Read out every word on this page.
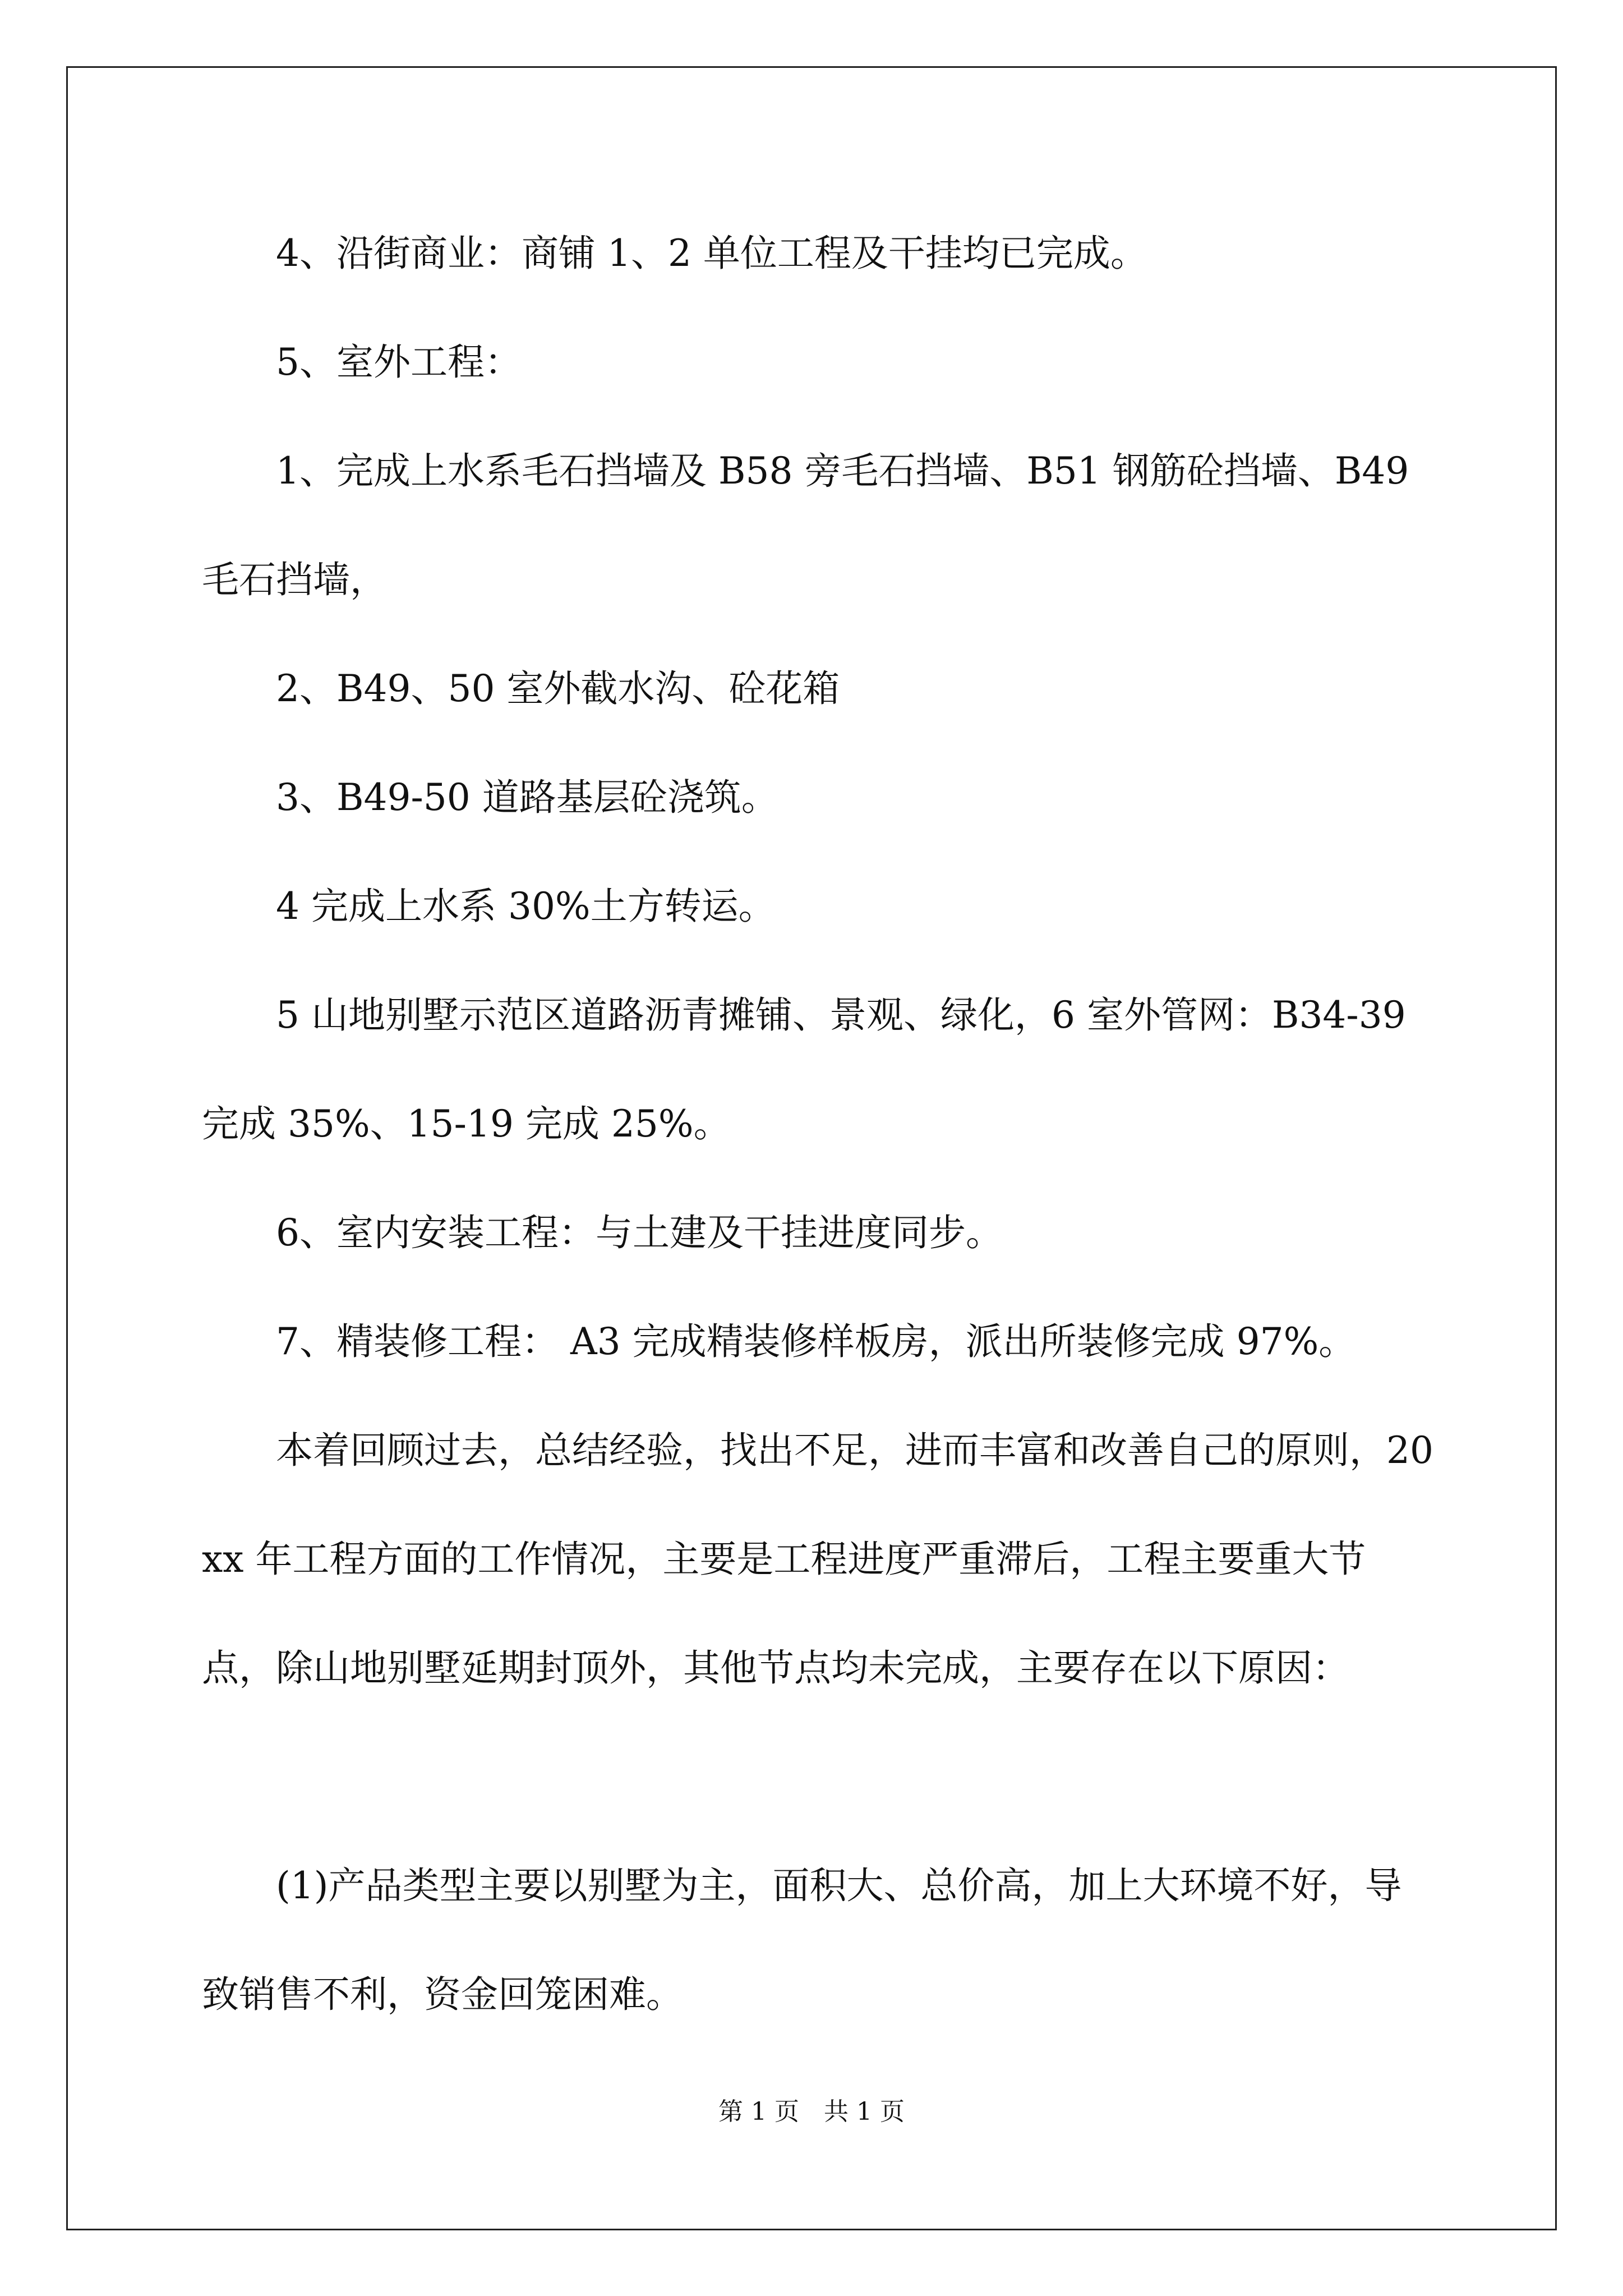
4、沿街商业：商铺 1、2 单位工程及干挂均已完成。

5、室外工程：

1、完成上水系毛石挡墙及 B58 旁毛石挡墙、B51 钢筋砼挡墙、B49 毛石挡墙，

2、B49、50 室外截水沟、砼花箱

3、B49-50 道路基层砼浇筑。

4 完成上水系 30%土方转运。

5 山地别墅示范区道路沥青摊铺、景观、绿化，6 室外管网：B34-39 完成 35%、15-19 完成 25%。

6、室内安装工程：与土建及干挂进度同步。

7、精装修工程： A3 完成精装修样板房，派出所装修完成 97%。

本着回顾过去，总结经验，找出不足，进而丰富和改善自己的原则，20xx 年工程方面的工作情况，主要是工程进度严重滞后，工程主要重大节点，除山地别墅延期封顶外，其他节点均未完成，主要存在以下原因：

(1)产品类型主要以别墅为主，面积大、总价高，加上大环境不好，导致销售不利，资金回笼困难。

第 1 页　共 1 页
